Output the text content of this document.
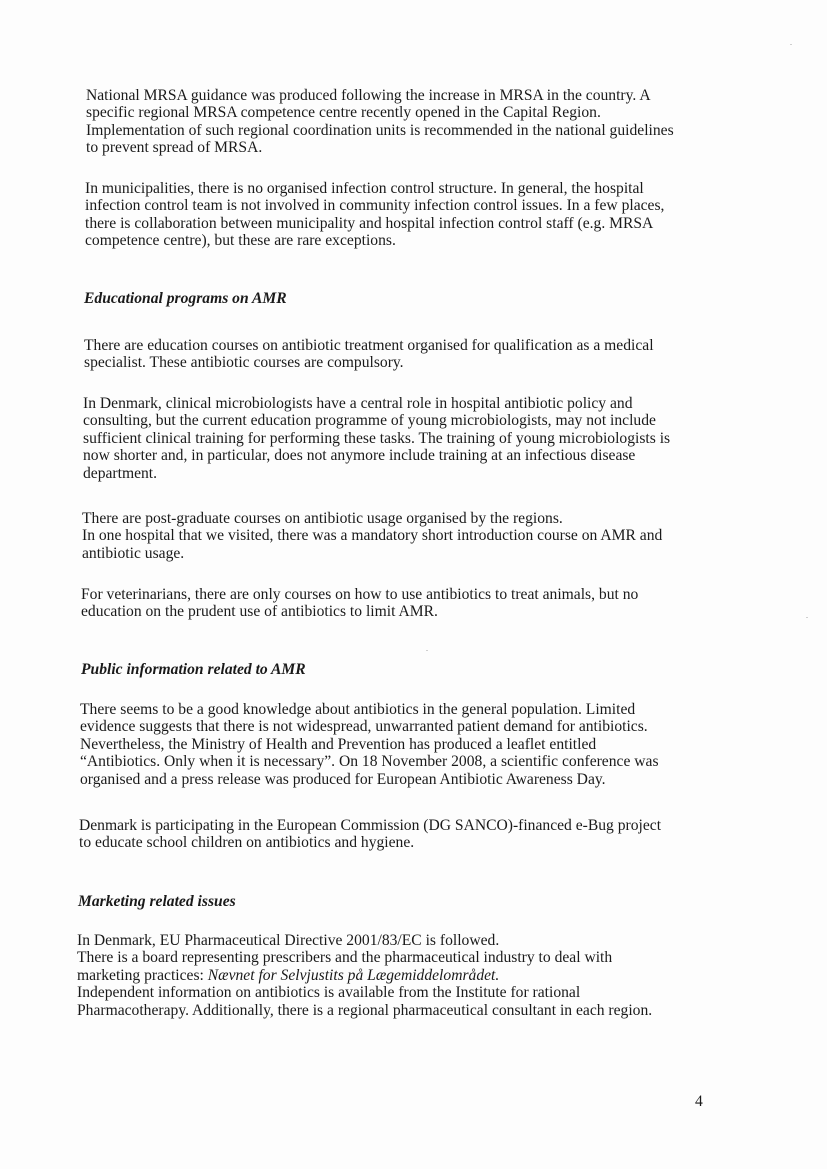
National MRSA guidance was produced following the increase in MRSA in the country. A
specific regional MRSA competence centre recently opened in the Capital Region.
Implementation of such regional coordination units is recommended in the national guidelines
to prevent spread of MRSA.

In municipalities, there is no organised infection control structure. In general, the hospital
infection control team is not involved in community infection control issues. In a few places,
there is collaboration between municipality and hospital infection control staff (e.g. MRSA
competence centre), but these are rare exceptions.

Educational programs on AMR

There are education courses on antibiotic treatment organised for qualification as a medical
specialist. These antibiotic courses are compulsory.

In Denmark, clinical microbiologists have a central role in hospital antibiotic policy and
consulting, but the current education programme of young microbiologists, may not include
sufficient clinical training for performing these tasks. The training of young microbiologists is
now shorter and, in particular, does not anymore include training at an infectious disease
department.

There are post-graduate courses on antibiotic usage organised by the regions.
In one hospital that we visited, there was a mandatory short introduction course on AMR and
antibiotic usage.

For veterinarians, there are only courses on how to use antibiotics to treat animals, but no
education on the prudent use of antibiotics to limit AMR.

Public information related to AMR

There seems to be a good knowledge about antibiotics in the general population. Limited
evidence suggests that there is not widespread, unwarranted patient demand for antibiotics.
Nevertheless, the Ministry of Health and Prevention has produced a leaflet entitled
“Antibiotics. Only when it is necessary”. On 18 November 2008, a scientific conference was
organised and a press release was produced for European Antibiotic Awareness Day.

Denmark is participating in the European Commission (DG SANCO)-financed e-Bug project
to educate school children on antibiotics and hygiene.

Marketing related issues

In Denmark, EU Pharmaceutical Directive 2001/83/EC is followed.
There is a board representing prescribers and the pharmaceutical industry to deal with
marketing practices: Nævnet for Selvjustits på Lægemiddelområdet.
Independent information on antibiotics is available from the Institute for rational
Pharmacotherapy. Additionally, there is a regional pharmaceutical consultant in each region.

4
